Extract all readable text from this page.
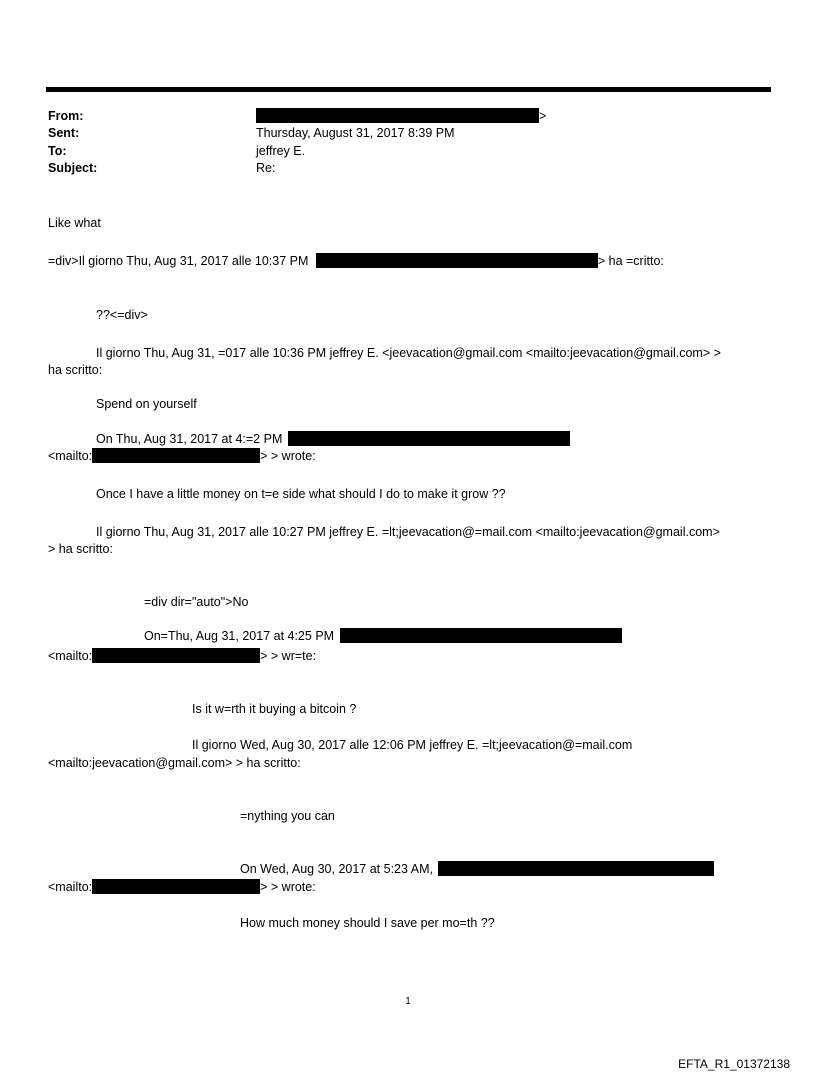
From:	>
Sent:	Thursday, August 31, 2017 8:39 PM
To:	jeffrey E.
Subject:	Re:
Like what
=div>Il giorno Thu, Aug 31, 2017 alle 10:37 PM	> ha =critto:
??<=div>
Il giorno Thu, Aug 31, =017 alle 10:36 PM jeffrey E. <jeevacation@gmail.com <mailto:jeevacation@gmail.com> >
ha scritto:
Spend on yourself
On Thu, Aug 31, 2017 at 4:=2 PM
<mailto:	> > wrote:
Once I have a little money on t=e side what should I do to make it grow ??
Il giorno Thu, Aug 31, 2017 alle 10:27 PM jeffrey E. =lt;jeevacation@=mail.com <mailto:jeevacation@gmail.com>
> ha scritto:
=div dir="auto">No
On=Thu, Aug 31, 2017 at 4:25 PM
<mailto:	> > wr=te:
Is it w=rth it buying a bitcoin ?
Il giorno Wed, Aug 30, 2017 alle 12:06 PM jeffrey E. =lt;jeevacation@=mail.com
<mailto:jeevacation@gmail.com> > ha scritto:
=nything you can
On Wed, Aug 30, 2017 at 5:23 AM,
<mailto:	> > wrote:
How much money should I save per mo=th ??
1
EFTA_R1_01372138
